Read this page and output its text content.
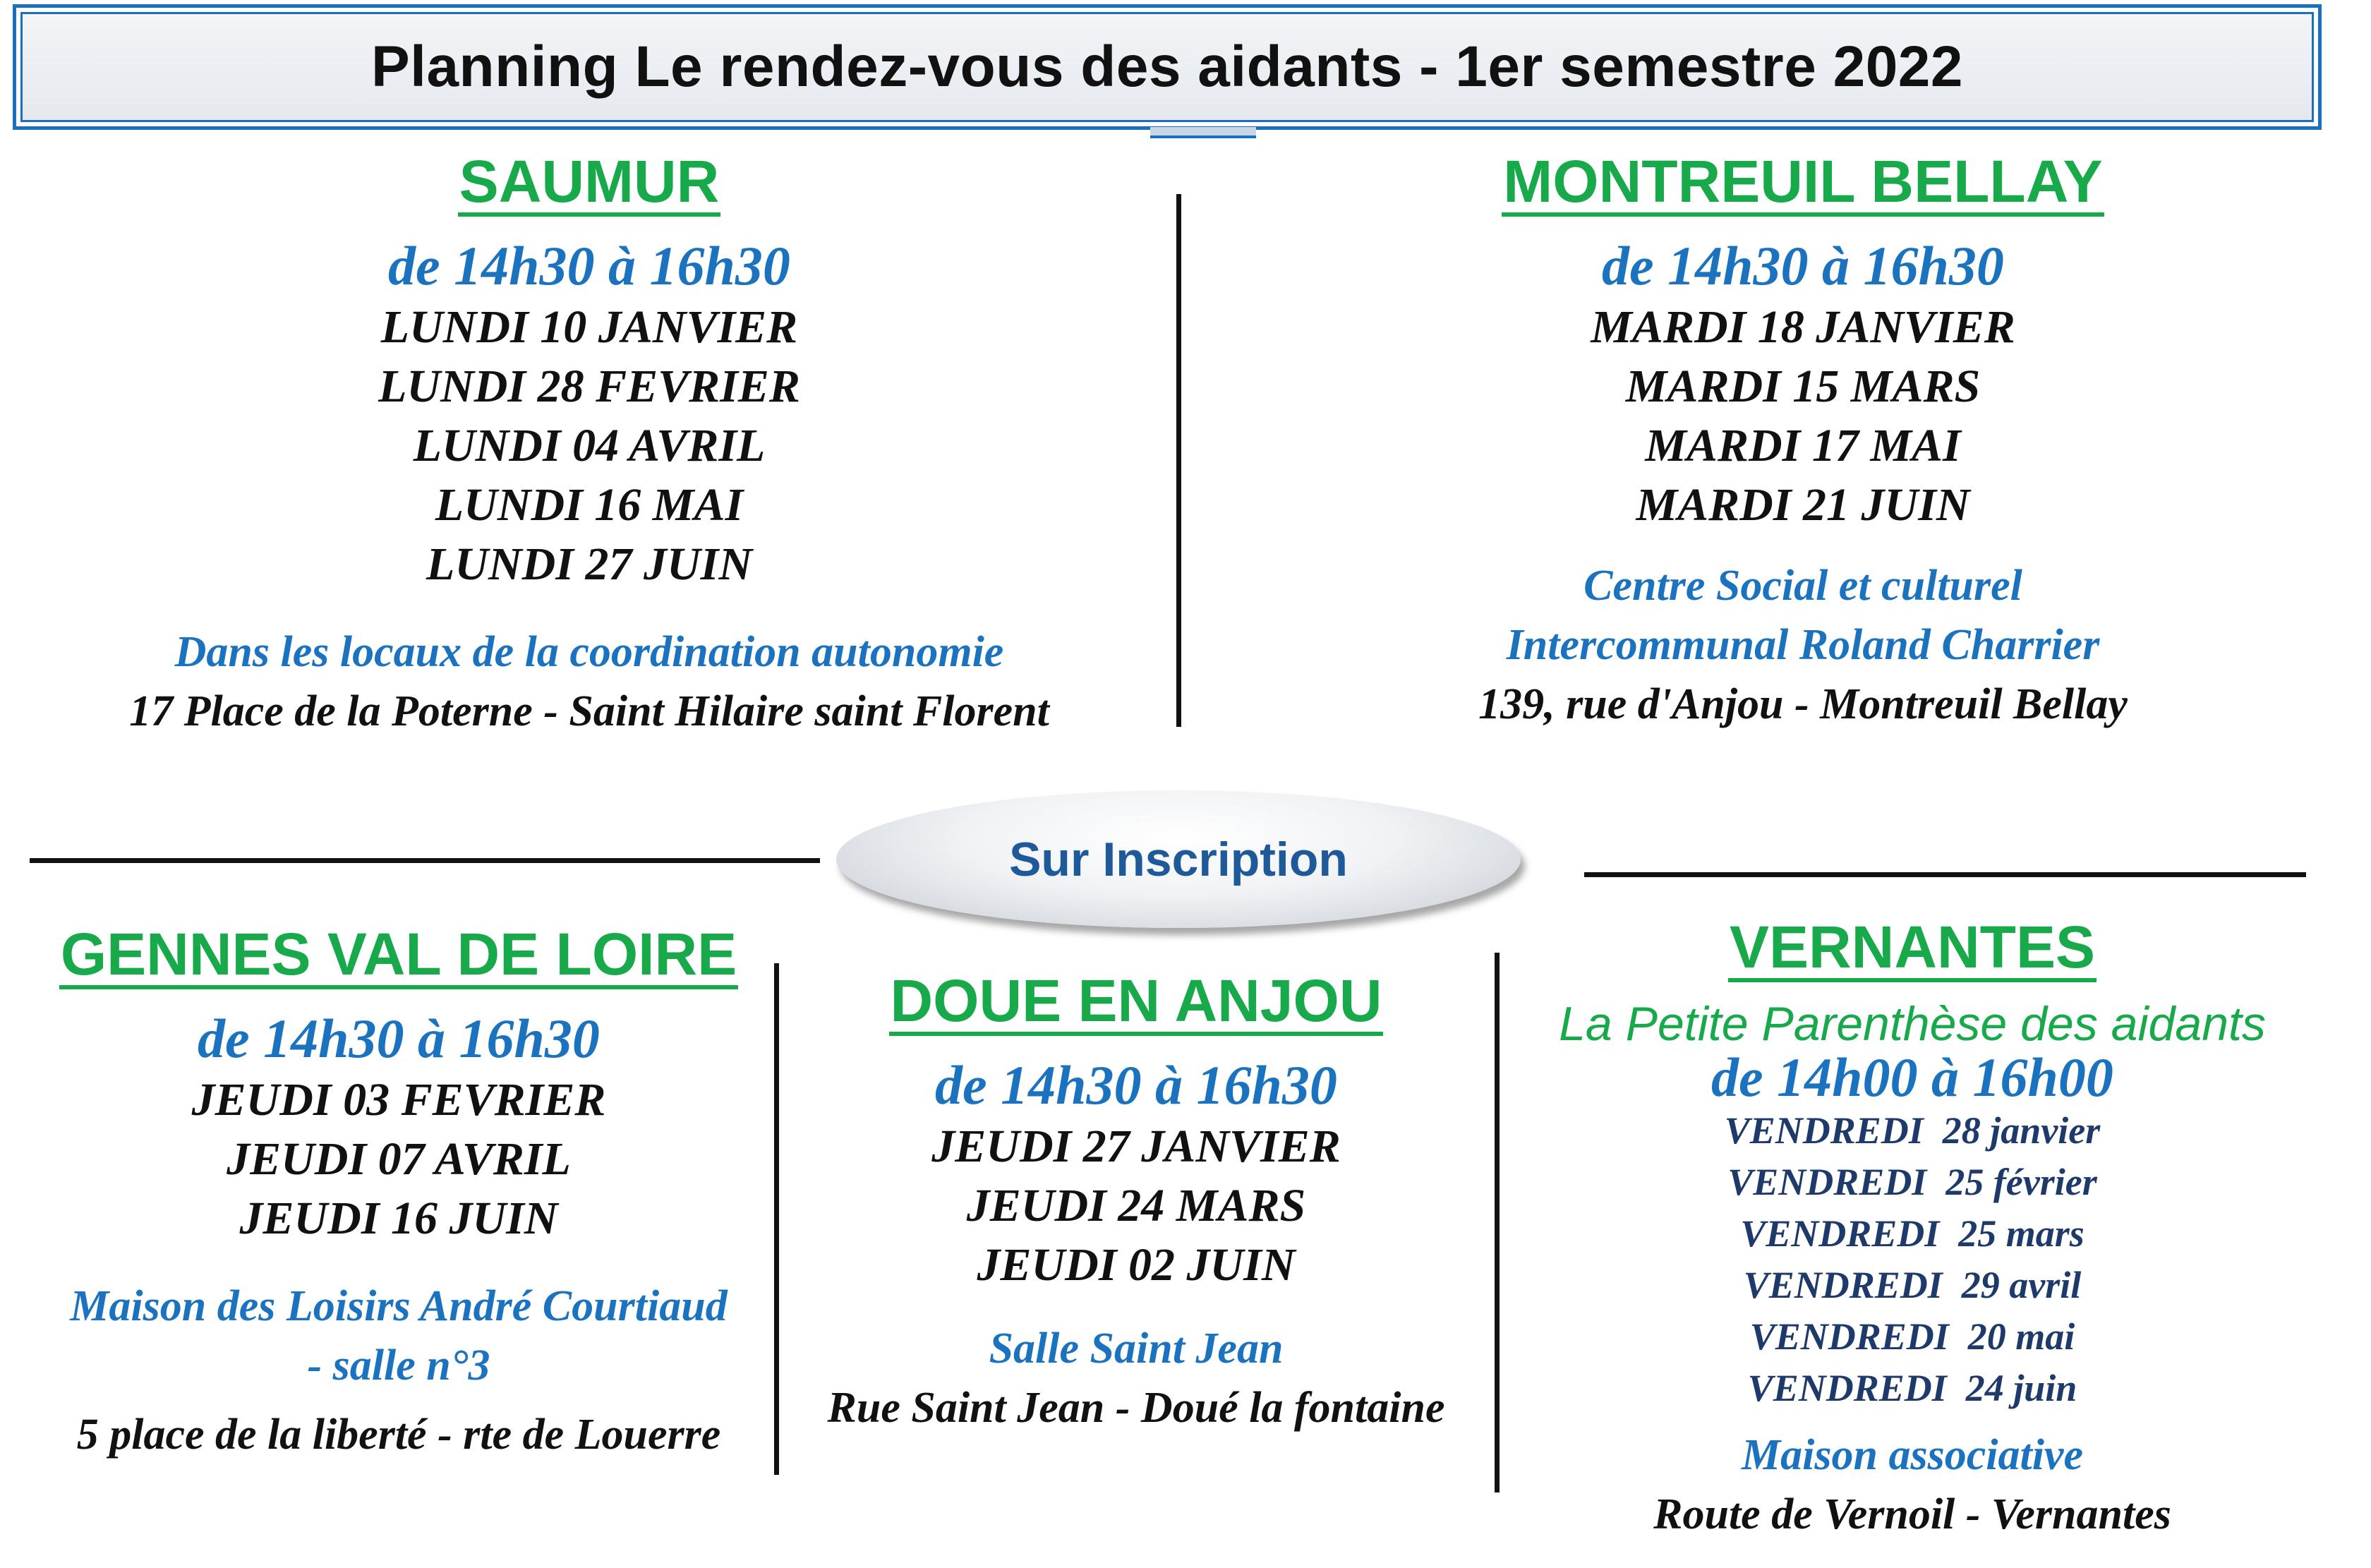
Planning Le rendez-vous des aidants - 1er semestre 2022
SAUMUR
de 14h30 à 16h30
LUNDI 10 JANVIER
LUNDI 28 FEVRIER
LUNDI 04 AVRIL
LUNDI 16 MAI
LUNDI 27 JUIN
Dans les locaux de la coordination autonomie
17 Place de la Poterne - Saint Hilaire saint Florent
MONTREUIL BELLAY
de 14h30 à 16h30
MARDI 18 JANVIER
MARDI 15 MARS
MARDI 17 MAI
MARDI 21 JUIN
Centre Social et culturel
Intercommunal Roland Charrier
139, rue d'Anjou - Montreuil Bellay
Sur Inscription
GENNES VAL DE LOIRE
de 14h30 à 16h30
JEUDI 03 FEVRIER
JEUDI 07 AVRIL
JEUDI 16 JUIN
Maison des Loisirs André Courtiaud
- salle n°3
5 place de la liberté - rte de Louerre
DOUE EN ANJOU
de 14h30 à 16h30
JEUDI 27 JANVIER
JEUDI 24 MARS
JEUDI 02 JUIN
Salle Saint Jean
Rue Saint Jean - Doué la fontaine
VERNANTES
La Petite Parenthèse des aidants
de 14h00 à 16h00
VENDREDI  28 janvier
VENDREDI  25 février
VENDREDI  25 mars
VENDREDI  29 avril
VENDREDI  20 mai
VENDREDI  24 juin
Maison associative
Route de Vernoil - Vernantes
